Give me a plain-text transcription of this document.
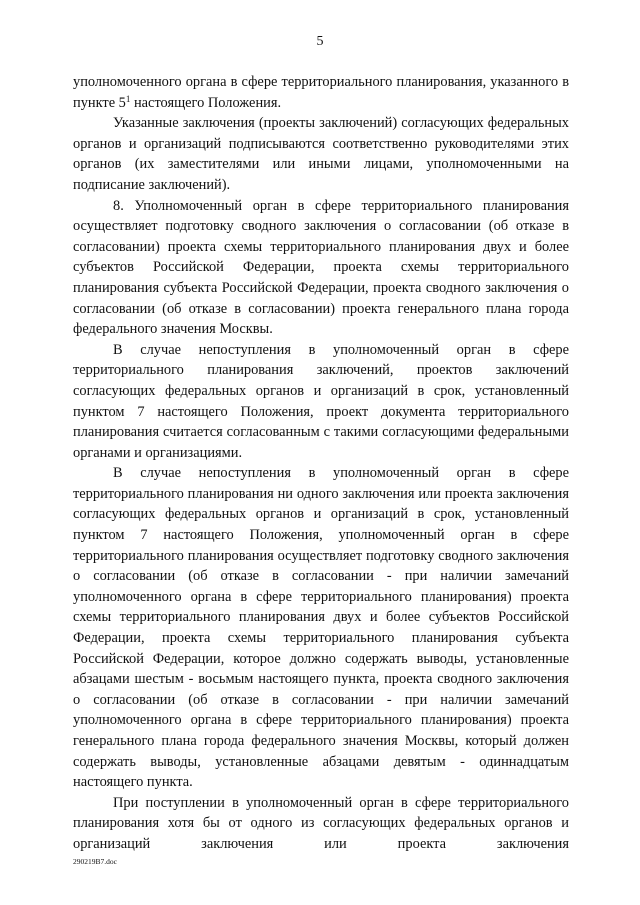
5

уполномоченного органа в сфере территориального планирования, указанного в пункте $5^1$ настоящего Положения.

Указанные заключения (проекты заключений) согласующих федеральных органов и организаций подписываются соответственно руководителями этих органов (их заместителями или иными лицами, уполномоченными на подписание заключений).

8. Уполномоченный орган в сфере территориального планирования осуществляет подготовку сводного заключения о согласовании (об отказе в согласовании) проекта схемы территориального планирования двух и более субъектов Российской Федерации, проекта схемы территориального планирования субъекта Российской Федерации, проекта сводного заключения о согласовании (об отказе в согласовании) проекта генерального плана города федерального значения Москвы.

В случае непоступления в уполномоченный орган в сфере территориального планирования заключений, проектов заключений согласующих федеральных органов и организаций в срок, установленный пунктом 7 настоящего Положения, проект документа территориального планирования считается согласованным с такими согласующими федеральными органами и организациями.

В случае непоступления в уполномоченный орган в сфере территориального планирования ни одного заключения или проекта заключения согласующих федеральных органов и организаций в срок, установленный пунктом 7 настоящего Положения, уполномоченный орган в сфере территориального планирования осуществляет подготовку сводного заключения о согласовании (об отказе в согласовании - при наличии замечаний уполномоченного органа в сфере территориального планирования) проекта схемы территориального планирования двух и более субъектов Российской Федерации, проекта схемы территориального планирования субъекта Российской Федерации, которое должно содержать выводы, установленные абзацами шестым - восьмым настоящего пункта, проекта сводного заключения о согласовании (об отказе в согласовании - при наличии замечаний уполномоченного органа в сфере территориального планирования) проекта генерального плана города федерального значения Москвы, который должен содержать выводы, установленные абзацами девятым - одиннадцатым настоящего пункта.

При поступлении в уполномоченный орган в сфере территориального планирования хотя бы от одного из согласующих федеральных органов и организаций заключения или проекта заключения

290219В7.doc
